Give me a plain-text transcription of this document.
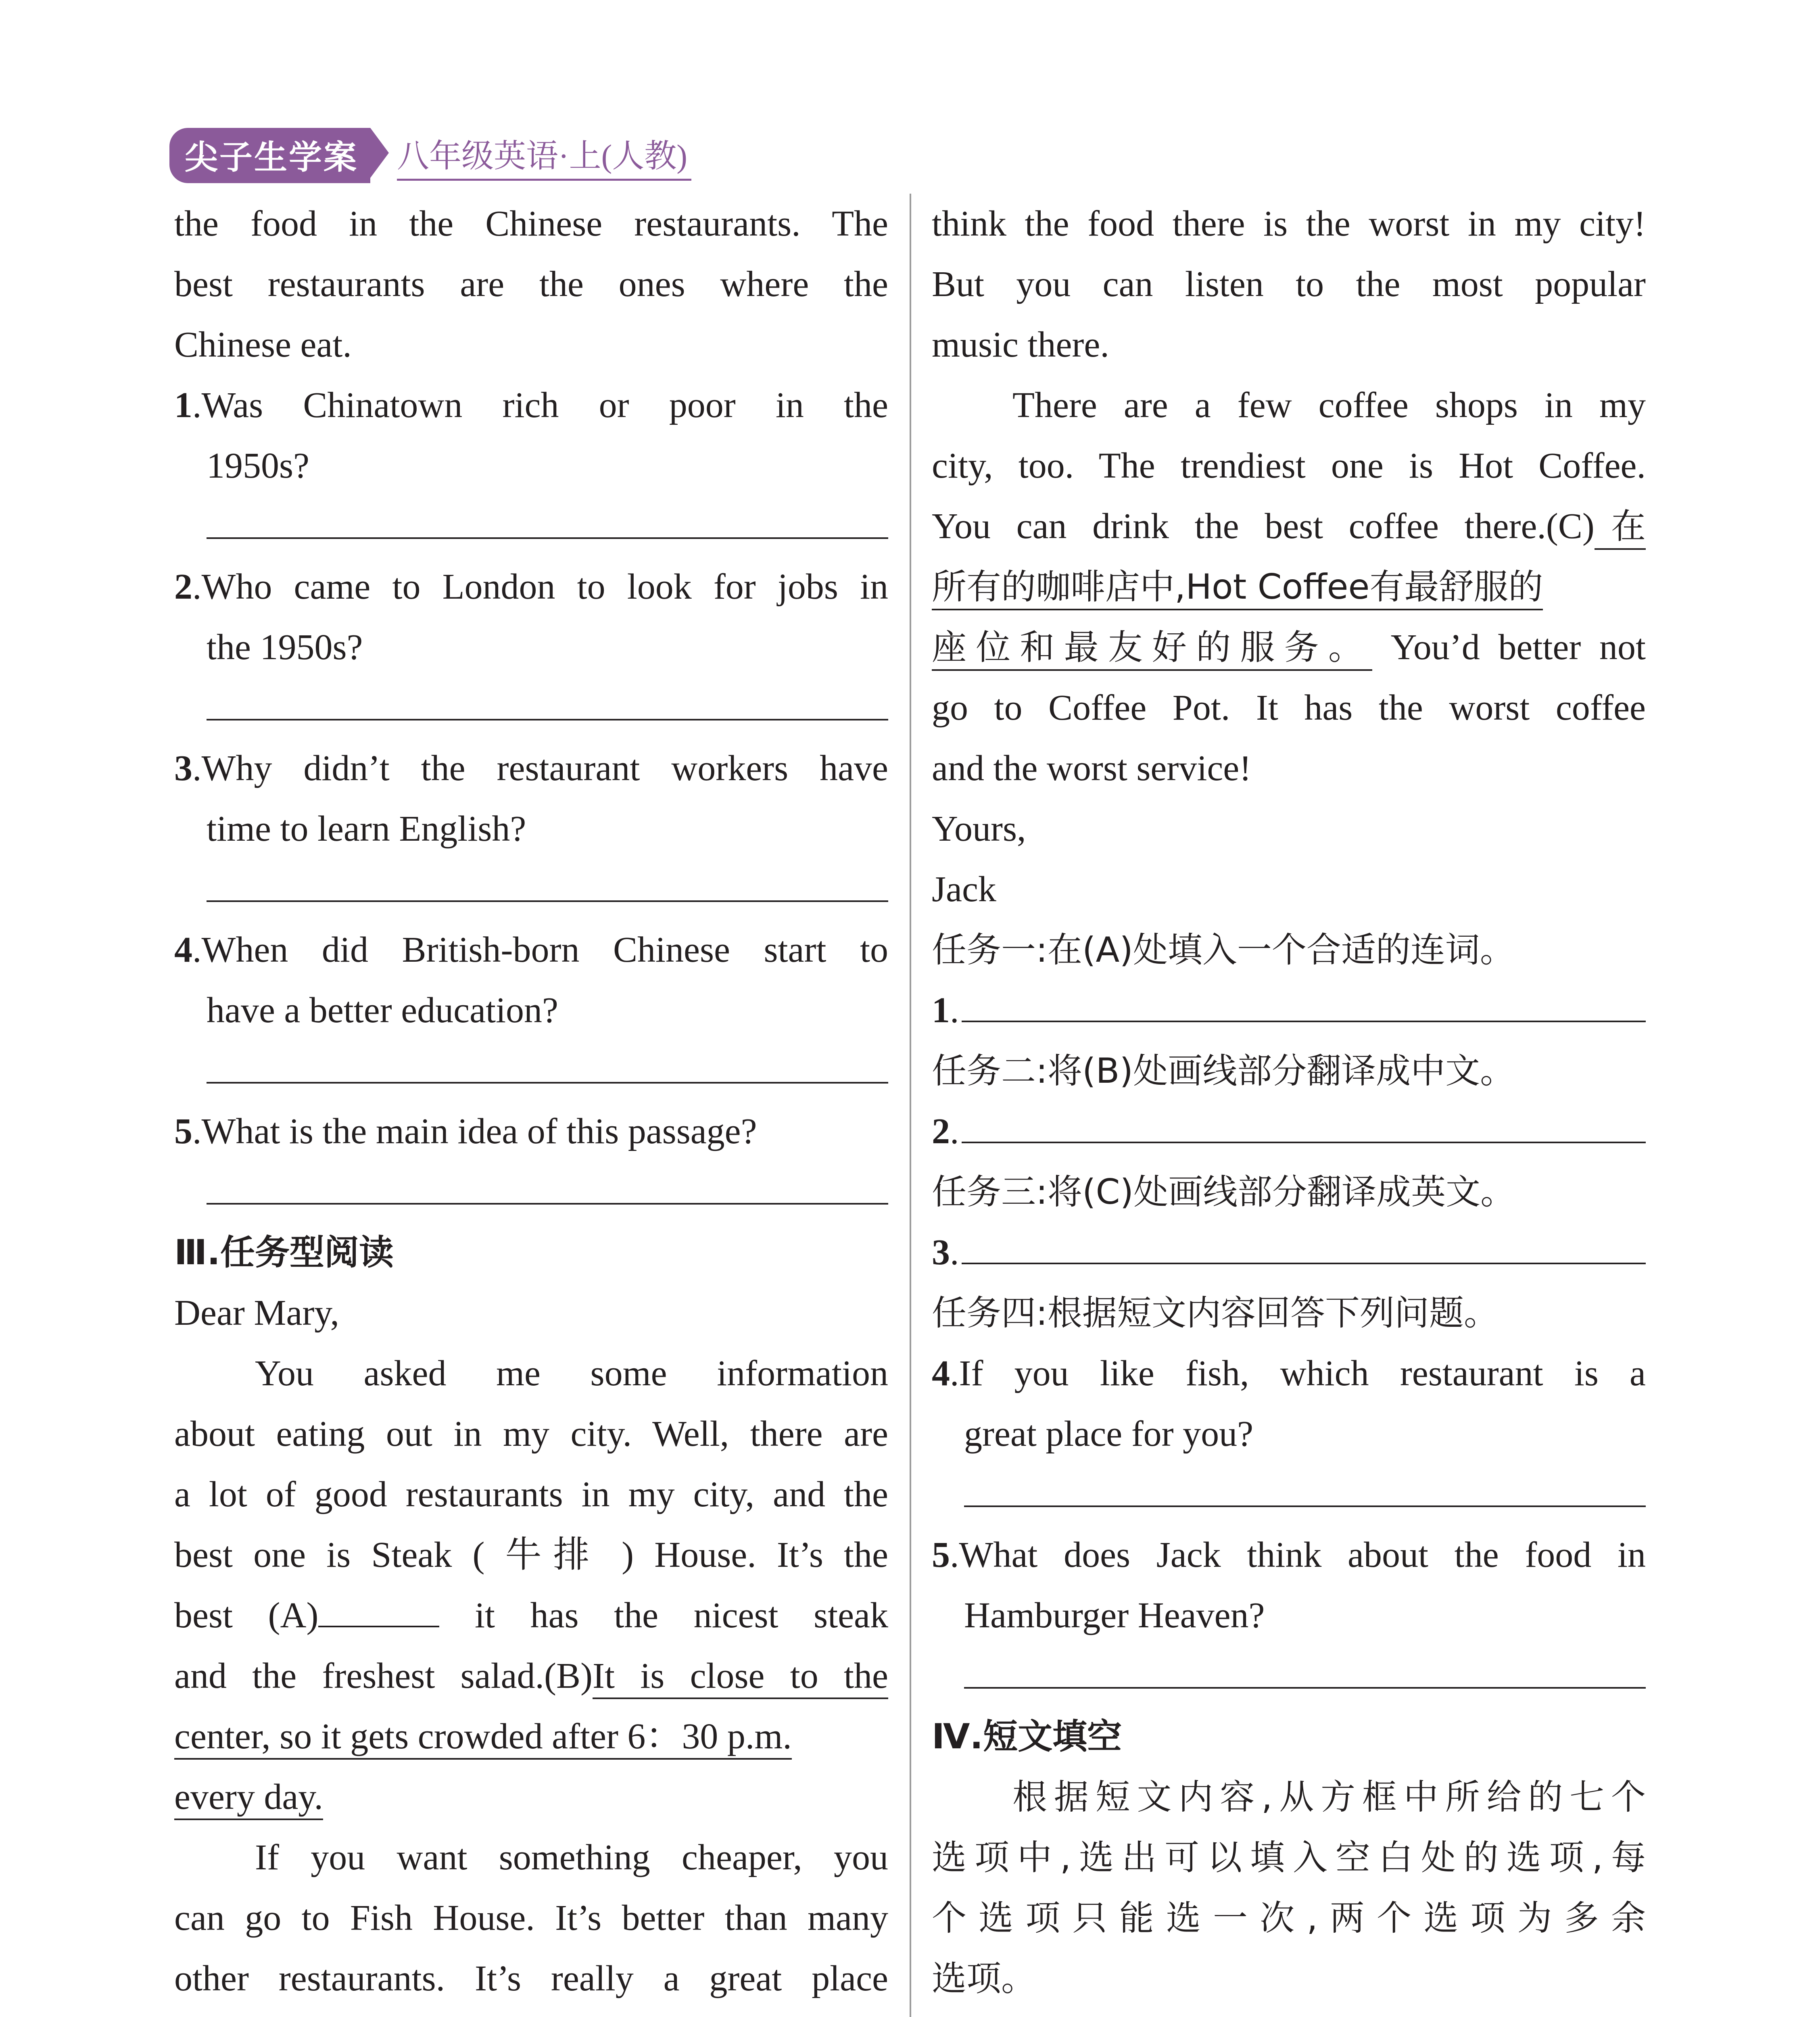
尖子生学案	八年级英语·上(人教)
the food in the Chinese restaurants. The
best restaurants are the ones where the
Chinese eat.
1.Was Chinatown rich or poor in the
1950s?
2.Who came to London to look for jobs in
the 1950s?
3.Why didn’t the restaurant workers have
time to learn English?
4.When did British‐born Chinese start to
have a better education?
5.What is the main idea of this passage?
Ⅲ.任务型阅读
Dear Mary,
You asked me some information
about eating out in my city. Well, there are
a lot of good restaurants in my city, and the
best one is Steak ( 牛排 ) House. It’s the
best (A)	it has the nicest steak
and the freshest salad.(B)It is close to the
center, so it gets crowded after 6：30 p.m.
every day.
If you want something cheaper, you
can go to Fish House. It’s better than many
other restaurants. It’s really a great place
think the food there is the worst in my city!
But you can listen to the most popular
music there.
There are a few coffee shops in my
city, too. The trendiest one is Hot Coffee.
You can drink the best coffee there.(C)在
所有的咖啡店中,Hot Coffee有最舒服的
座位和最友好的服务。 You’d better not
go to Coffee Pot. It has the worst coffee
and the worst service!
Yours,
Jack
任务一:在(A)处填入一个合适的连词。
1 .
任务二:将(B)处画线部分翻译成中文。
2 .
任务三:将(C)处画线部分翻译成英文。
3 .
任务四:根据短文内容回答下列问题。
4.If you like fish, which restaurant is a
great place for you?
5.What does Jack think about the food in
Hamburger Heaven?
Ⅳ.短文填空
根据短文内容,从方框中所给的七个
选项中,选出可以填入空白处的选项,每
个选项只能选一次,两个选项为多余
选项。
